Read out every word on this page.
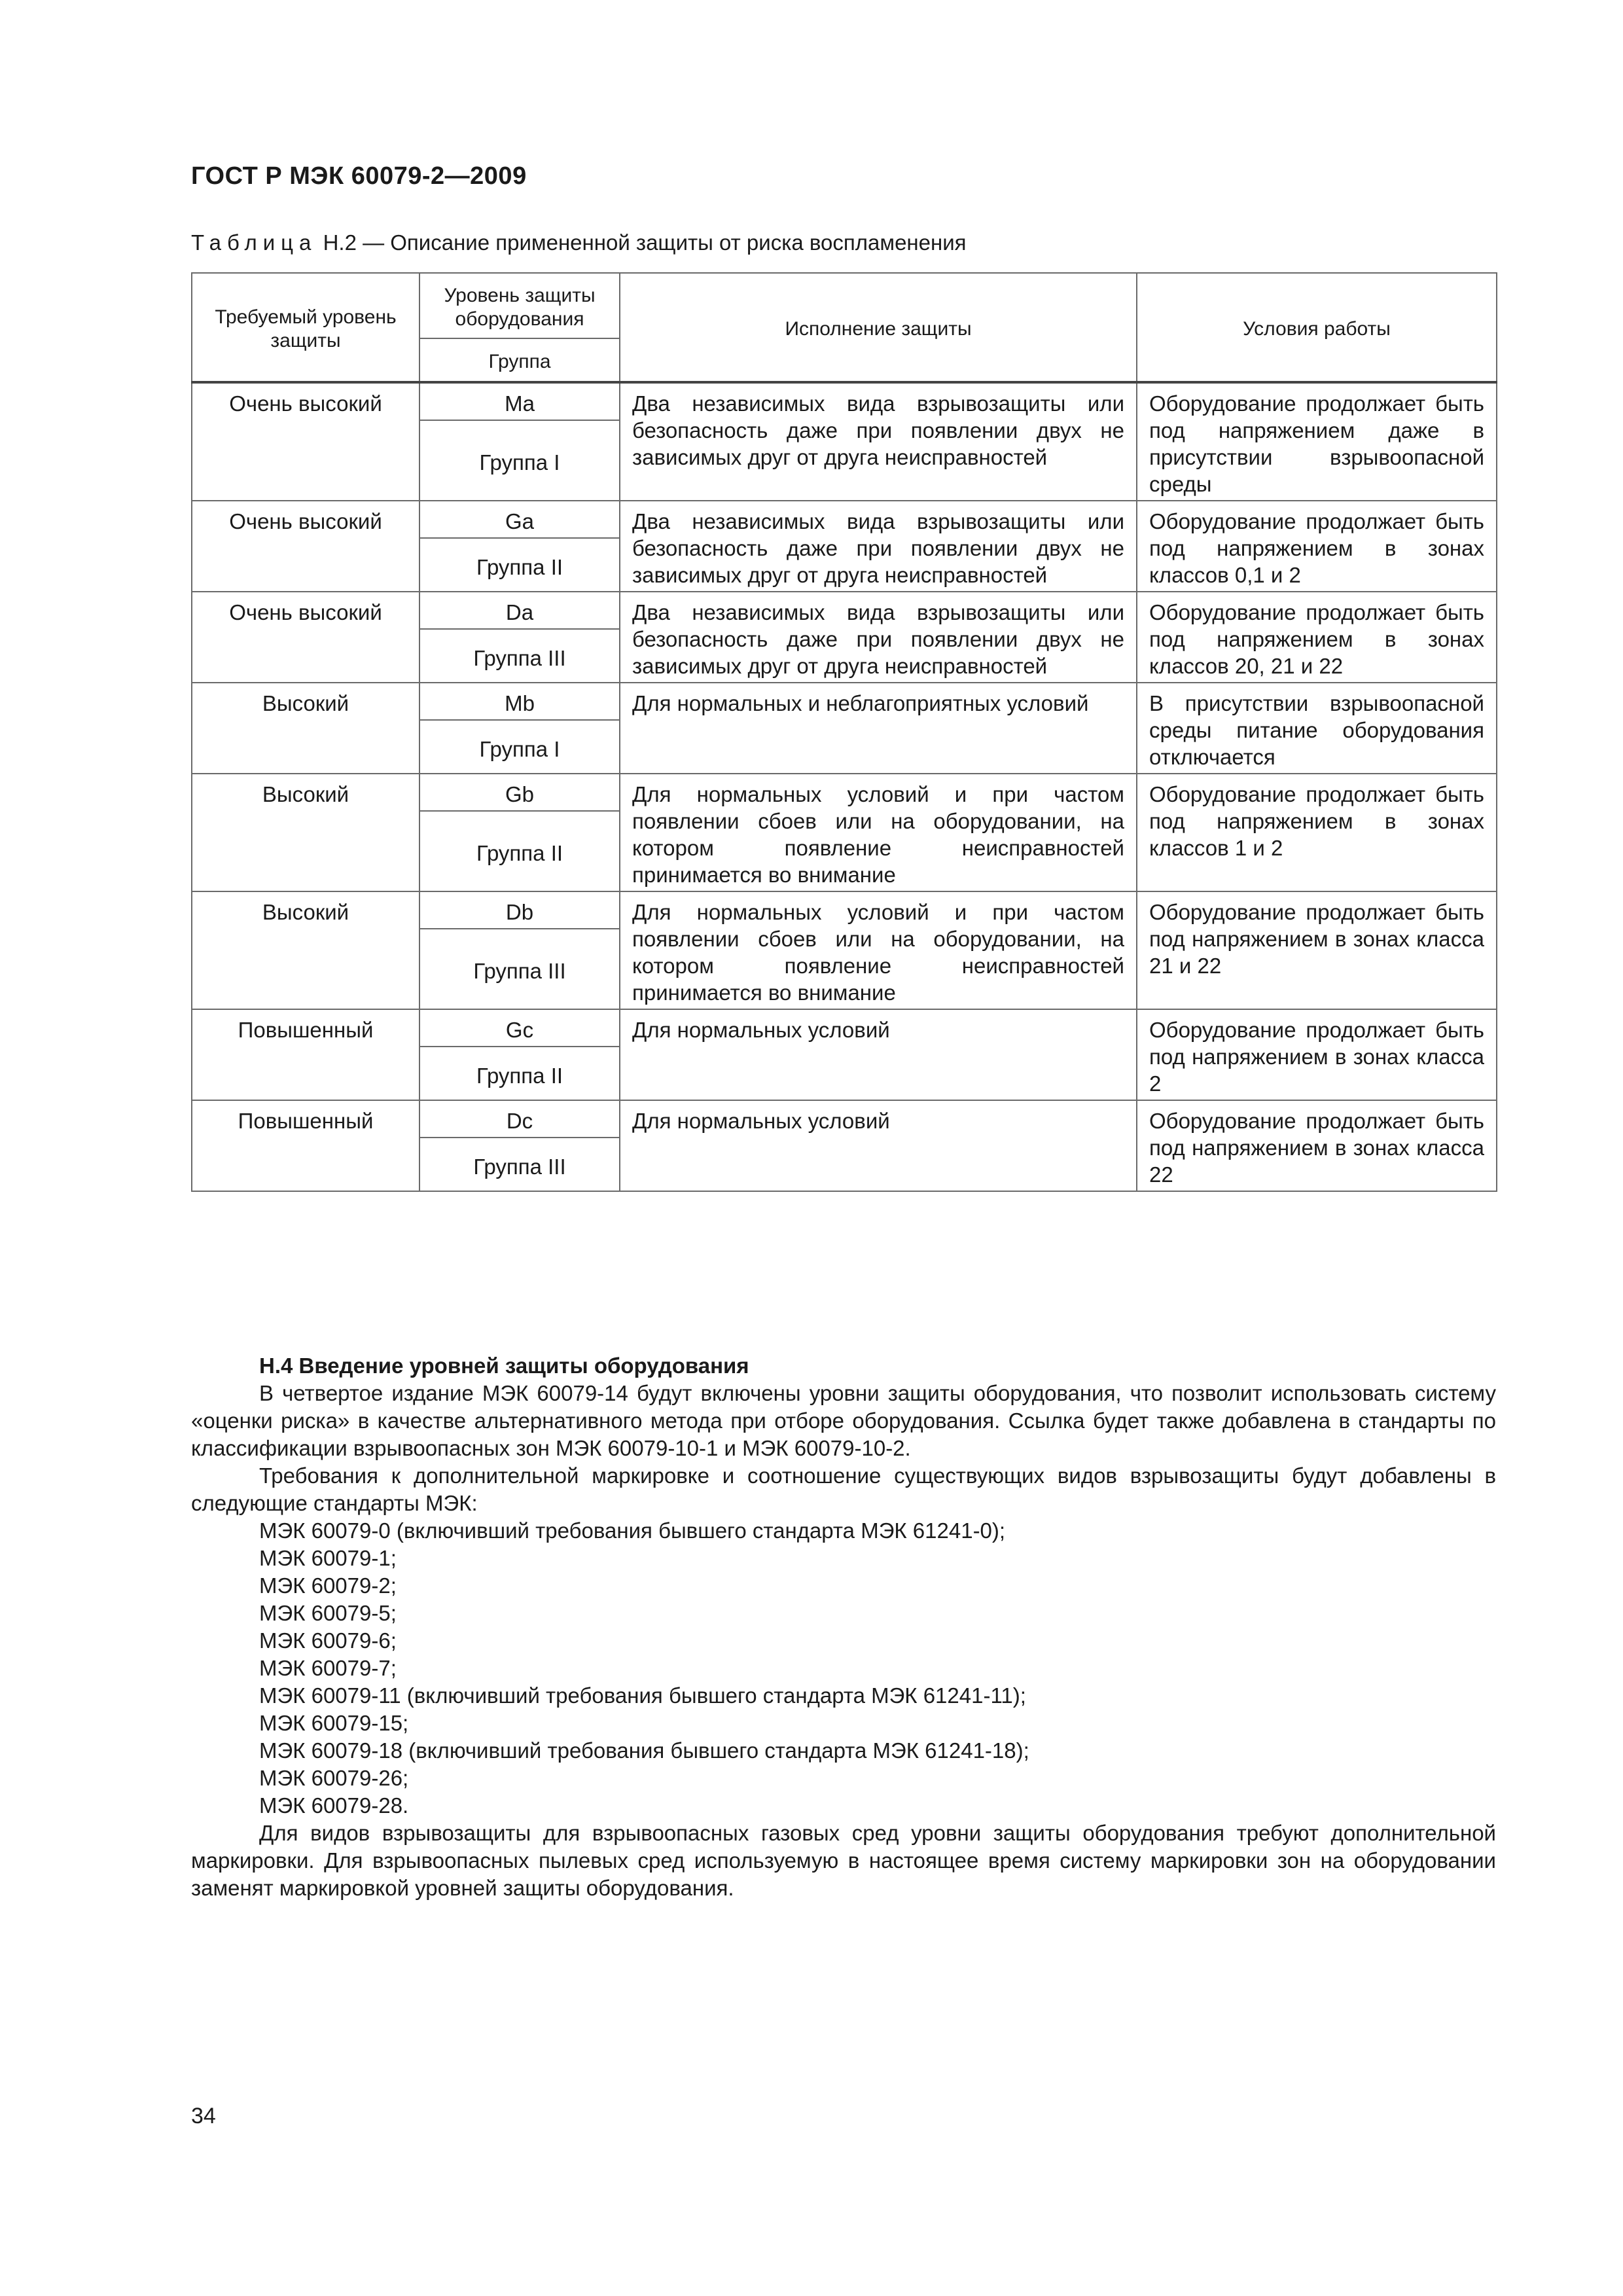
ГОСТ Р МЭК 60079-2—2009
Таблица H.2 — Описание примененной защиты от риска воспламенения
Требуемый уровень защиты	Уровень защиты оборудования	Исполнение защиты	Условия работы
	Группа		
Очень высокий	Ma	Два независимых вида взрывозащиты или безопасность даже при появлении двух не зависимых друг от друга неисправностей	Оборудование продолжает быть под напряжением даже в присутствии взрывоопасной среды
	Группа I		
Очень высокий	Ga	Два независимых вида взрывозащиты или безопасность даже при появлении двух не зависимых друг от друга неисправностей	Оборудование продолжает быть под напряжением в зонах классов 0,1 и 2
	Группа II		
Очень высокий	Da	Два независимых вида взрывозащиты или безопасность даже при появлении двух не зависимых друг от друга неисправностей	Оборудование продолжает быть под напряжением в зонах классов 20, 21 и 22
	Группа III		
Высокий	Mb	Для нормальных и неблагоприятных условий	В присутствии взрывоопасной среды питание оборудования отключается
	Группа I		
Высокий	Gb	Для нормальных условий и при частом появлении сбоев или на оборудовании, на котором появление неисправностей принимается во внимание	Оборудование продолжает быть под напряжением в зонах классов 1 и 2
	Группа II		
Высокий	Db	Для нормальных условий и при частом появлении сбоев или на оборудовании, на котором появление неисправностей принимается во внимание	Оборудование продолжает быть под напряжением в зонах класса 21 и 22
	Группа III		
Повышенный	Gc	Для нормальных условий	Оборудование продолжает быть под напряжением в зонах класса 2
	Группа II		
Повышенный	Dc	Для нормальных условий	Оборудование продолжает быть под напряжением в зонах класса 22
	Группа III		

H.4 Введение уровней защиты оборудования

В четвертое издание МЭК 60079-14 будут включены уровни защиты оборудования, что позволит использовать систему «оценки риска» в качестве альтернативного метода при отборе оборудования. Ссылка будет также добавлена в стандарты по классификации взрывоопасных зон МЭК 60079-10-1 и МЭК 60079-10-2.

Требования к дополнительной маркировке и соотношение существующих видов взрывозащиты будут добавлены в следующие стандарты МЭК:

МЭК 60079-0 (включивший требования бывшего стандарта МЭК 61241-0);

МЭК 60079-1;

МЭК 60079-2;

МЭК 60079-5;

МЭК 60079-6;

МЭК 60079-7;

МЭК 60079-11 (включивший требования бывшего стандарта МЭК 61241-11);

МЭК 60079-15;

МЭК 60079-18 (включивший требования бывшего стандарта МЭК 61241-18);

МЭК 60079-26;

МЭК 60079-28.

Для видов взрывозащиты для взрывоопасных газовых сред уровни защиты оборудования требуют дополнительной маркировки. Для взрывоопасных пылевых сред используемую в настоящее время систему маркировки зон на оборудовании заменят маркировкой уровней защиты оборудования.

34
